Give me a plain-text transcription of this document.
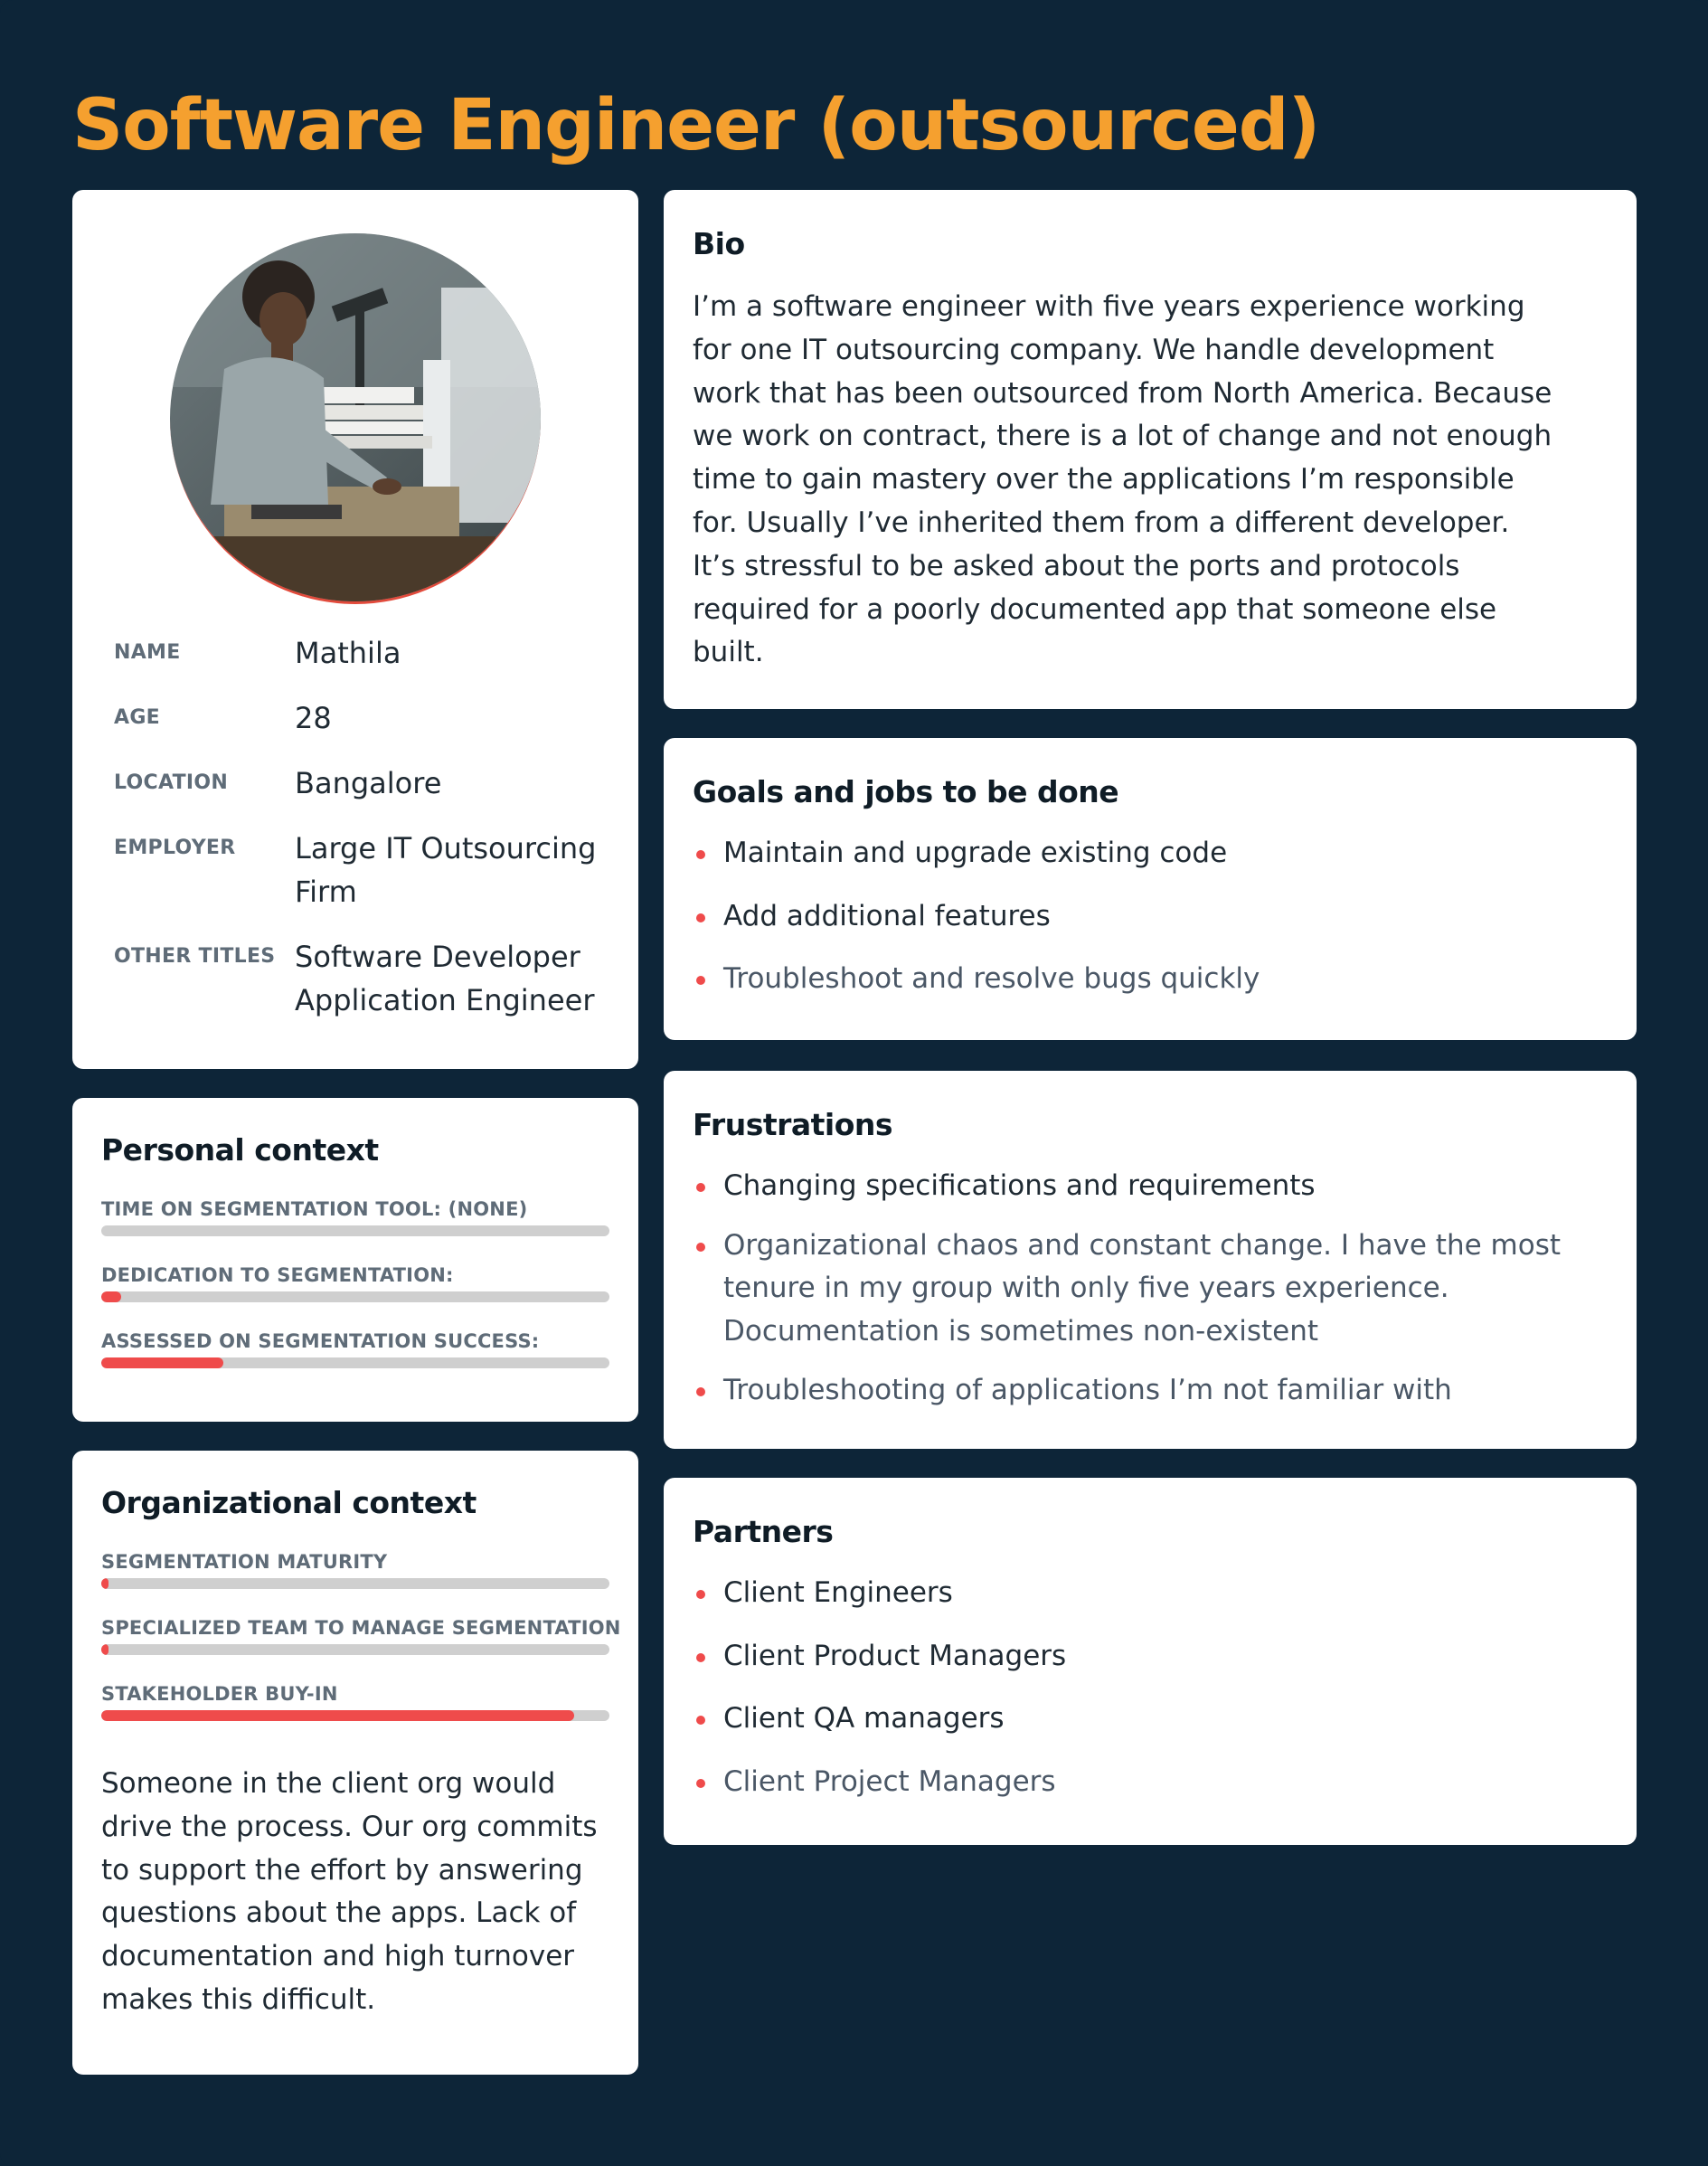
Software Engineer (outsourced)
NAME	Mathila
AGE	28
LOCATION	Bangalore
EMPLOYER	Large IT Outsourcing
Firm
OTHER TITLES Software Developer
Application Engineer
Personal context
TIME ON SEGMENTATION TOOL: (NONE)
DEDICATION TO SEGMENTATION:
ASSESSED ON SEGMENTATION SUCCESS:
Organizational context
SEGMENTATION MATURITY
SPECIALIZED TEAM TO MANAGE SEGMENTATION
STAKEHOLDER BUY-IN
Someone in the client org would drive the process. Our org commits to support the effort by answering questions about the apps. Lack of documentation and high turnover makes this difficult.
Bio
I’m a software engineer with five years experience working for one IT outsourcing company. We handle development work that has been outsourced from North America. Because we work on contract, there is a lot of change and not enough time to gain mastery over the applications I’m responsible for. Usually I’ve inherited them from a different developer. It’s stressful to be asked about the ports and protocols required for a poorly documented app that someone else built.
Goals and jobs to be done
Maintain and upgrade existing code
Add additional features
Troubleshoot and resolve bugs quickly
Frustrations
Changing specifications and requirements
Organizational chaos and constant change. I have the most tenure in my group with only five years experience. Documentation is sometimes non-existent
Troubleshooting of applications I’m not familiar with
Partners
Client Engineers
Client Product Managers
Client QA managers
Client Project Managers
